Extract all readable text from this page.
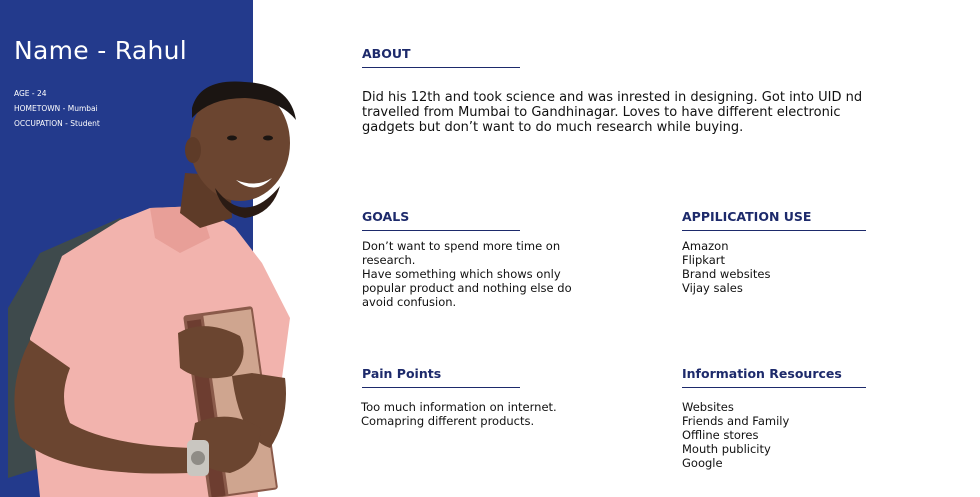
Name - Rahul
AGE - 24
HOMETOWN - Mumbai
OCCUPATION - Student
ABOUT
Did his 12th and took science and was inrested in designing. Got into UID nd
travelled from Mumbai to Gandhinagar. Loves to have different electronic
gadgets but don’t want to do much research while buying.
GOALS
Don’t want to spend more time on
research.
Have something which shows only
popular product and nothing else do
avoid confusion.
APPILICATION USE
Amazon
Flipkart
Brand websites
Vijay sales
Pain Points
Too much information on internet.
Comapring different products.
Information Resources
Websites
Friends and Family
Offline stores
Mouth publicity
Google
